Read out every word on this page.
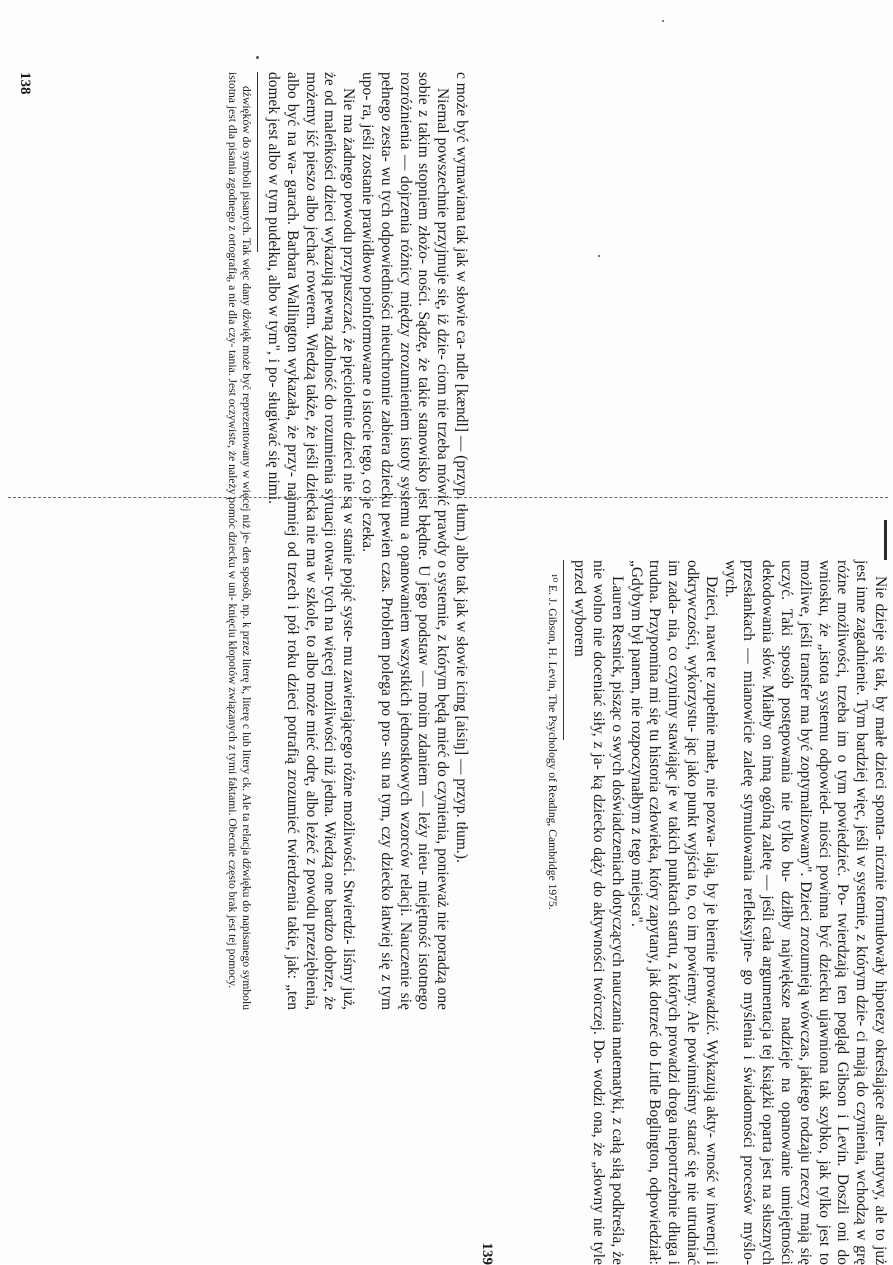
c może być wymawiana tak jak w słowie ca- ndle [kændl] — (przyp. tłum.) albo tak jak w słowie icing [aisiŋ] — przyp. tłum.).

Niemal powszechnie przyjmuje się, iż dzie- ciom nie trzeba mówić prawdy o systemie, z którym będą mieć do czynienia, ponieważ nie poradzą one sobie z takim stopniem złożo- ności. Sądzę, że takie stanowisko jest błędne. U jego podstaw — moim zdaniem — leży nieu- miejętność istotnego rozróżnienia — dojrzenia różnicy między zrozumieniem istoty systemu a opanowaniem wszystkich jednostkowych wzorców relacji. Nauczenie się pełnego zesta- wu tych odpowiedniości nieuchronnie zabiera dziecku pewien czas. Problem polega po pro- stu na tym, czy dziecko łatwiej się z tym upo- ra, jeśli zostanie prawidłowo poinformowane o istocie tego, co je czeka.

Nie ma żadnego powodu przypuszczać, że pięcioletnie dzieci nie są w stanie pojąć syste- mu zawierającego różne możliwości. Stwierdzi- liśmy już, że od maleńkości dzieci wykazują pewną zdolność do rozumienia sytuacji otwar- tych na więcej możliwości niż jedna. Wiedzą one bardzo dobrze, że możemy iść pieszo albo jechać rowerem. Wiedzą także, że jeśli dziecka nie ma w szkole, to albo może mieć odrę, albo leżeć z powodu przeziębienia, albo być na wa- garach. Barbara Wallington wykazała, że przy- najmniej od trzech i pół roku dzieci potrafią zrozumieć twierdzenia takie, jak: „ten domek jest albo w tym pudełku, albo w tym", i po- sługiwać się nimi.

dźwięków do symboli pisanych. Tak więc dany dźwięk może być reprezentowany w więcej niż je- den sposób, np. k przez literę k, literę c lub litery ck. Ale ta relacja dźwięku do napisanego symbolu istotna jest dla pisania zgodnego z ortografią, a nie dla czy- tania. Jest oczywiste, że należy pomóc dziecku w uni- knięciu kłopotów związanych z tymi faktami. Obecnie często brak jest tej pomocy.

138

Nie dzieje się tak, by małe dzieci sponta- nicznie formułowały hipotezy określające alter- natywy, ale to już jest inne zagadnienie. Tym bardziej więc, jeśli w systemie, z którym dzie- ci mają do czynienia, wchodzą w grę różne możliwości, trzeba im o tym powiedzieć. Po- twierdzają ten pogląd Gibson i Levin. Doszli oni do wniosku, że „istota systemu odpowied- niości powinna być dziecku ujawniona tak szybko, jak tylko jest to możliwe, jeśli transfer ma być zoptymalizowany". Dzieci zrozumieją wówczas, jakiego rodzaju rzeczy mają się uczyć. Taki sposób postępowania nie tylko bu- dziłby największe nadzieje na opanowanie umiejętności dekodowania słów. Miałby on inną ogólną zaletę — jeśli cała argumentacja tej książki oparta jest na słusznych przesłankach — mianowicie zaletę stymulowania refleksyjne- go myślenia i świadomości procesów myślo- wych.

Dzieci, nawet te zupełnie małe, nie pozwa- lają, by je biernie prowadzić. Wykazują akty- wność w inwencji i odkrywczości, wykorzystu- jąc jako punkt wyjścia to, co im powiemy. Ale powinniśmy starać się nie utrudniać im zada- nia, co czynimy stawiając je w takich punktach startu, z których prowadzi droga nieportrzebnie długa i trudna. Przypomina mi się tu historia człowieka, który zapytany, jak dotrzeć do Little Boglington, odpowiedział: „Gdybym był panem, nie rozpoczynałbym z tego miejsca".

Lauren Resnick, pisząc o swych doświadczeniach dotyczących nauczania matematyki, z całą siłą podkreśla, że nie wolno nie doceniać siły, z ja- ką dziecko dąży do aktywności twórczej. Do- wodzi ona, że „słowny nie tyle przed wyborem

¹⁰ E. J. Gibson, H. Levin, The Psychology of Reading, Cambridge 1975.

139
